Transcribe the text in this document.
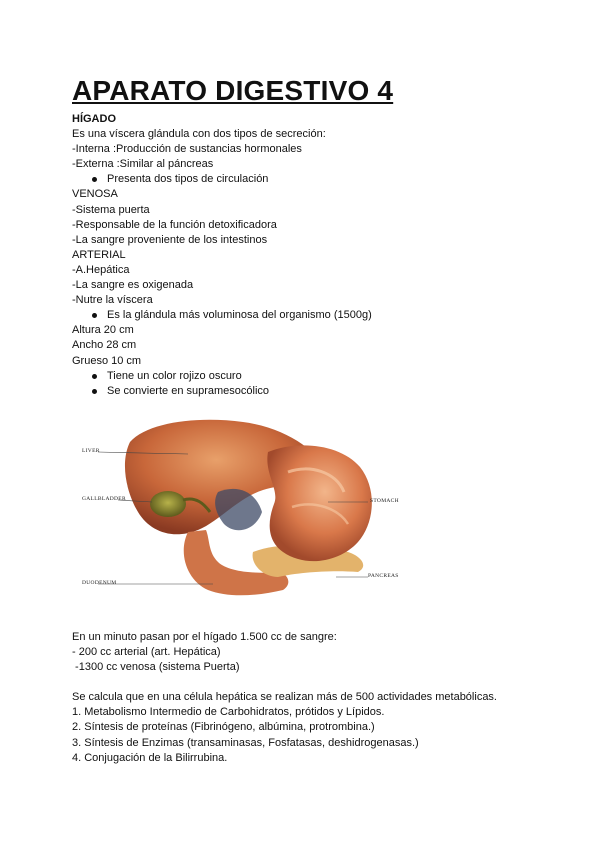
APARATO DIGESTIVO 4

HÍGADO

Es una víscera glándula con dos tipos de secreción:

-Interna :Producción de sustancias hormonales

-Externa :Similar al páncreas

Presenta dos tipos de circulación

VENOSA

-Sistema puerta

-Responsable de la función detoxificadora

-La sangre proveniente de los intestinos

ARTERIAL

-A.Hepática

-La sangre es oxigenada

-Nutre la víscera

Es la glándula más voluminosa del organismo (1500g)

Altura 20 cm

Ancho 28 cm

Grueso 10 cm

Tiene un color rojizo oscuro

Se convierte en supramesocólico

LIVER
GALLBLADDER	STOMACH
PANCREAS
DUODENUM

En un minuto pasan por el hígado 1.500 cc de sangre:

- 200 cc arterial (art. Hepática)

-1300 cc venosa (sistema Puerta)

Se calcula que en una célula hepática se realizan más de 500 actividades metabólicas.

1. Metabolismo Intermedio de Carbohidratos, prótidos y Lípidos.

2. Síntesis de proteínas (Fibrinógeno, albúmina, protrombina.)

3. Síntesis de Enzimas (transaminasas, Fosfatasas, deshidrogenasas.)

4. Conjugación de la Bilirrubina.
